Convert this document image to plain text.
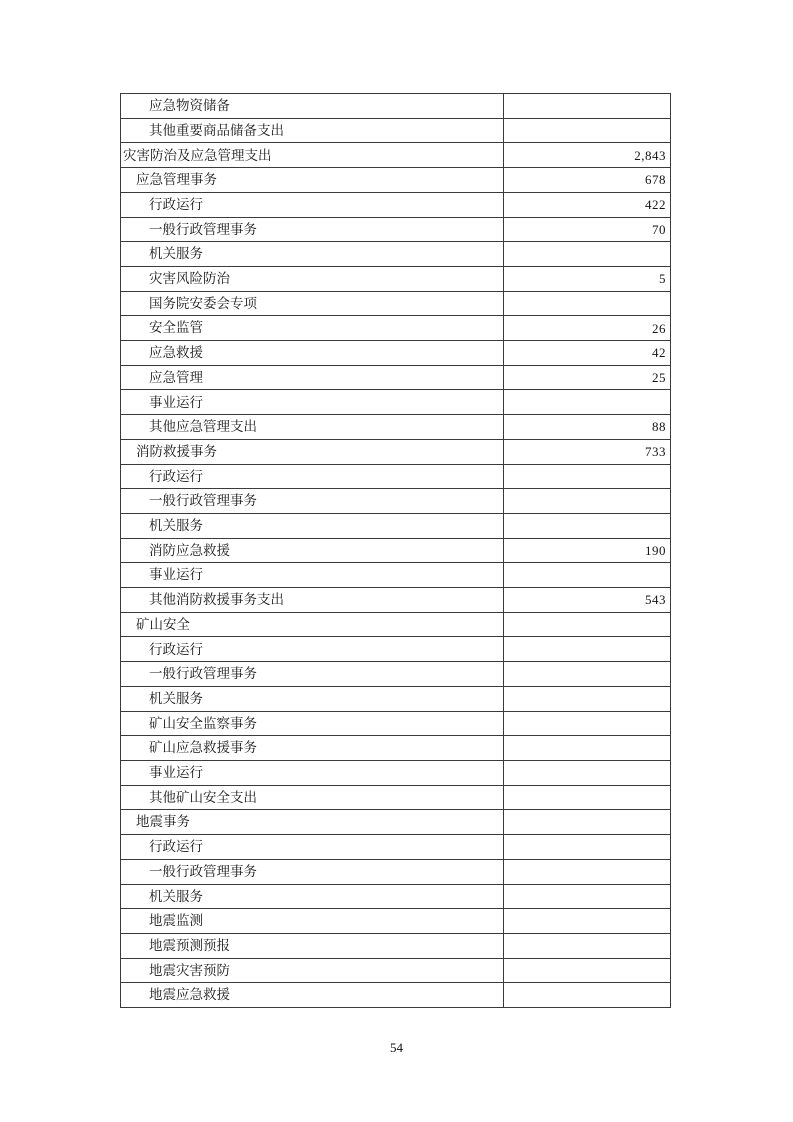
应急物资储备
其他重要商品储备支出
灾害防治及应急管理支出	2,843
应急管理事务	678
行政运行	422
一般行政管理事务	70
机关服务
灾害风险防治	5
国务院安委会专项
安全监管	26
应急救援	42
应急管理	25
事业运行
其他应急管理支出	88
消防救援事务	733
行政运行
一般行政管理事务
机关服务
消防应急救援	190
事业运行
其他消防救援事务支出	543
矿山安全
行政运行
一般行政管理事务
机关服务
矿山安全监察事务
矿山应急救援事务
事业运行
其他矿山安全支出
地震事务
行政运行
一般行政管理事务
机关服务
地震监测
地震预测预报
地震灾害预防
地震应急救援
54
